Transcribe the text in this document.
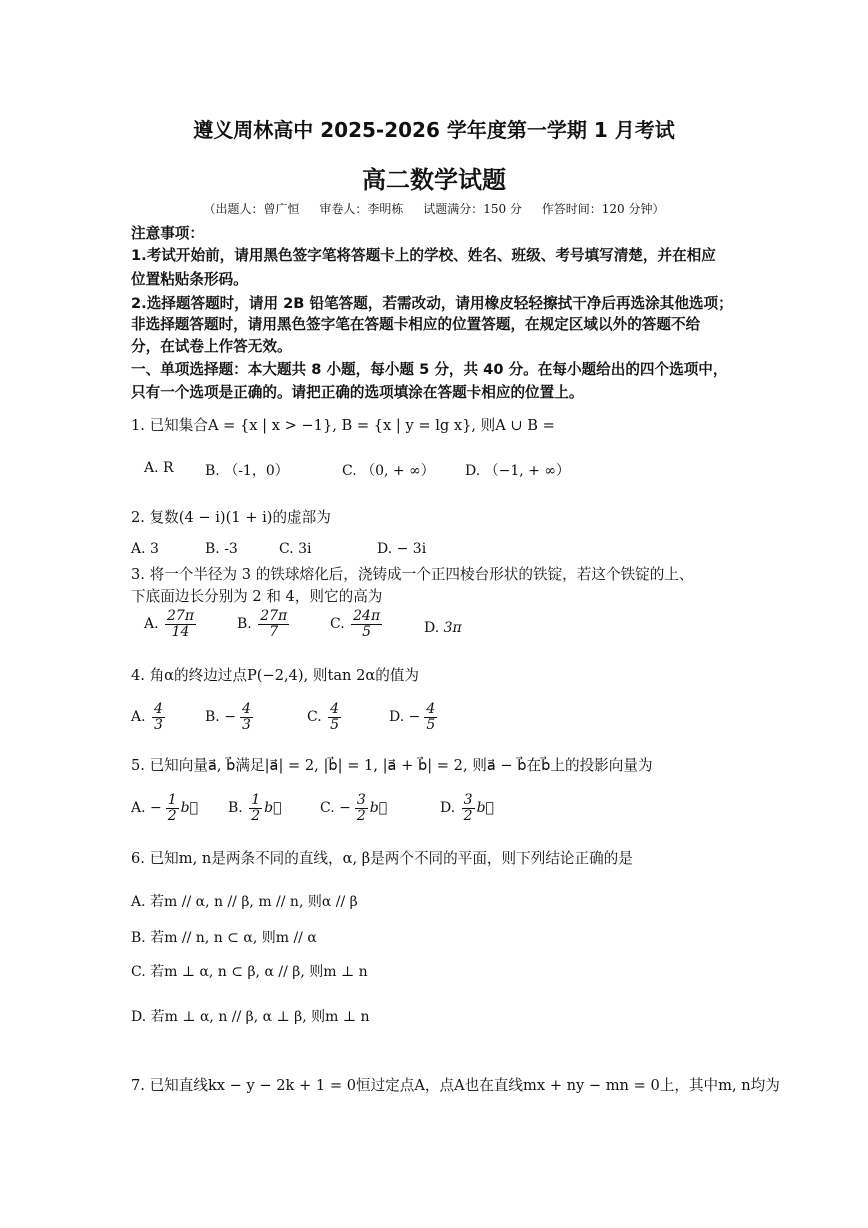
遵义周林高中 2025-2026 学年度第一学期 1 月考试
高二数学试题
（出题人：曾广恒 审卷人：李明栋 试题满分：150 分 作答时间：120 分钟）
注意事项：
1.考试开始前，请用黑色签字笔将答题卡上的学校、姓名、班级、考号填写清楚，并在相应
位置粘贴条形码。
2.选择题答题时，请用 2B 铅笔答题，若需改动，请用橡皮轻轻擦拭干净后再选涂其他选项；
非选择题答题时，请用黑色签字笔在答题卡相应的位置答题，在规定区域以外的答题不给
分，在试卷上作答无效。
一、单项选择题：本大题共 8 小题，每小题 5 分，共 40 分。在每小题给出的四个选项中，
只有一个选项是正确的。请把正确的选项填涂在答题卡相应的位置上。
1. 已知集合A = {x | x > −1}, B = {x | y = lg x}, 则A ∪ B =
A. R B. （-1，0）	C. （0, + ∞） D. （−1, + ∞）
2. 复数(4 − i)(1 + i)的虚部为
A. 3	B. -3	C. 3i	D. − 3i
3. 将一个半径为 3 的铁球熔化后，浇铸成一个正四棱台形状的铁锭，若这个铁锭的上、
下底面边长分别为 2 和 4，则它的高为
A. $\frac{27\pi}{14}$	B. $\frac{27\pi}{7}$	C. $\frac{24\pi}{5}$	D. 3π
4. 角α的终边过点P(−2,4), 则tan 2α的值为
A. $\frac{4}{3}$	B. − $\frac{4}{3}$	C. $\frac{4}{5}$	D. − $\frac{4}{5}$
5. 已知向量a⃗, b⃗满足|a⃗| = 2, |b⃗| = 1, |a⃗ + b⃗| = 2, 则a⃗ − b⃗在b⃗上的投影向量为
A. − $\frac{1}{2}$ b⃗ B. $\frac{1}{2}$ b⃗	C. − $\frac{3}{2}$ b⃗	D. $\frac{3}{2}$ b⃗
6. 已知m, n是两条不同的直线，α, β是两个不同的平面，则下列结论正确的是
A. 若m // α, n // β, m // n, 则α // β
B. 若m // n, n ⊂ α, 则m // α
C. 若m ⊥ α, n ⊂ β, α // β, 则m ⊥ n
D. 若m ⊥ α, n // β, α ⊥ β, 则m ⊥ n
7. 已知直线kx − y − 2k + 1 = 0恒过定点A，点A也在直线mx + ny − mn = 0上，其中m, n均为
